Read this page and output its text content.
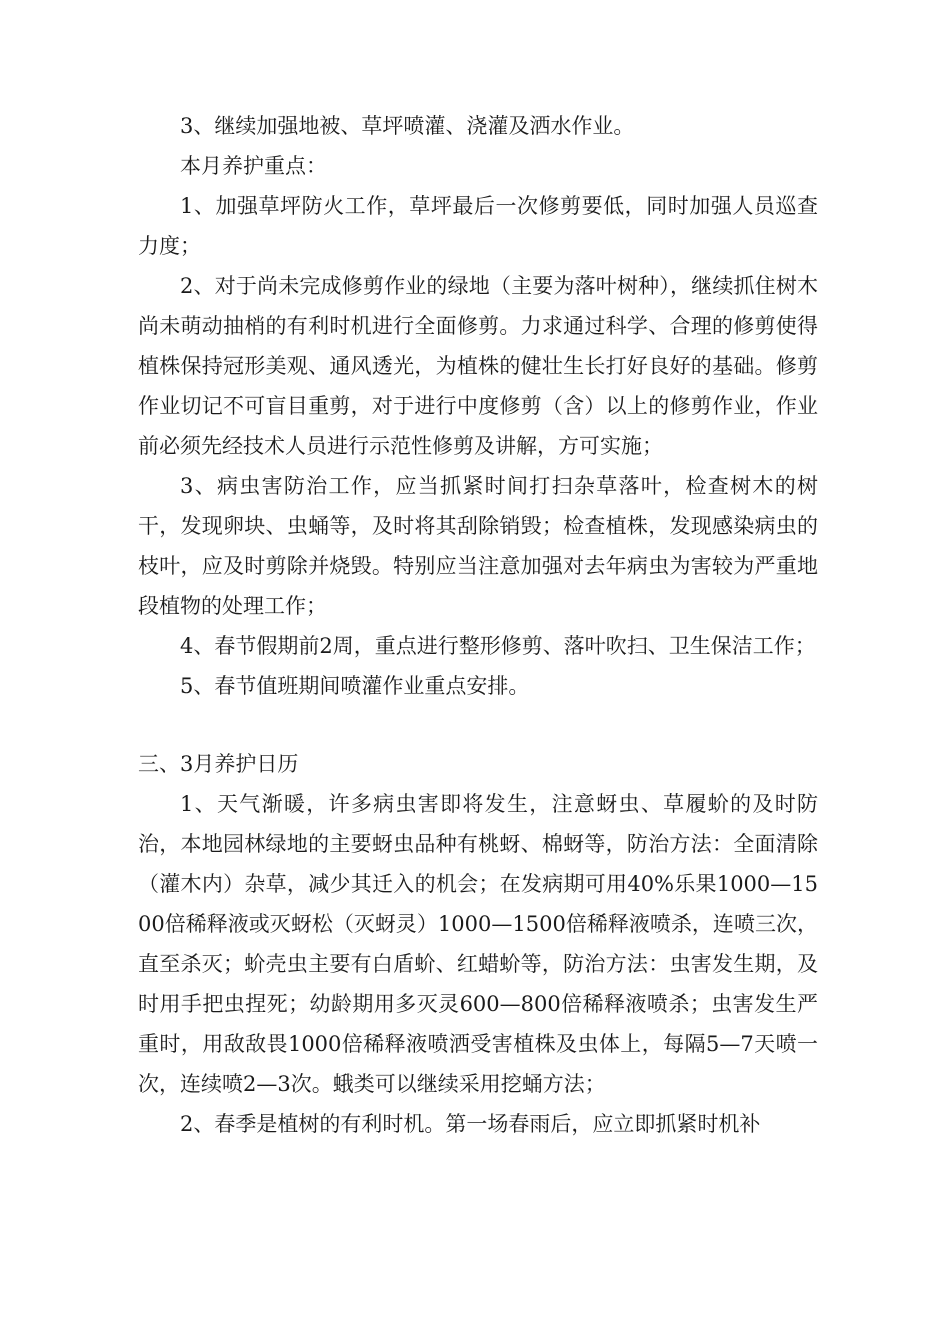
3、继续加强地被、草坪喷灌、浇灌及洒水作业。

本月养护重点：

1、加强草坪防火工作，草坪最后一次修剪要低，同时加强人员巡查力度；

2、对于尚未完成修剪作业的绿地（主要为落叶树种），继续抓住树木尚未萌动抽梢的有利时机进行全面修剪。力求通过科学、合理的修剪使得植株保持冠形美观、通风透光，为植株的健壮生长打好良好的基础。修剪作业切记不可盲目重剪，对于进行中度修剪（含）以上的修剪作业，作业前必须先经技术人员进行示范性修剪及讲解，方可实施；

3、病虫害防治工作，应当抓紧时间打扫杂草落叶，检查树木的树干，发现卵块、虫蛹等，及时将其刮除销毁；检查植株，发现感染病虫的枝叶，应及时剪除并烧毁。特别应当注意加强对去年病虫为害较为严重地段植物的处理工作；

4、春节假期前2周，重点进行整形修剪、落叶吹扫、卫生保洁工作；

5、春节值班期间喷灌作业重点安排。

三、3月养护日历

1、天气渐暖，许多病虫害即将发生，注意蚜虫、草履蚧的及时防治，本地园林绿地的主要蚜虫品种有桃蚜、棉蚜等，防治方法：全面清除（灌木内）杂草，减少其迁入的机会；在发病期可用40%乐果1000—1500倍稀释液或灭蚜松（灭蚜灵）1000—1500倍稀释液喷杀，连喷三次，直至杀灭；蚧壳虫主要有白盾蚧、红蜡蚧等，防治方法：虫害发生期，及时用手把虫捏死；幼龄期用多灭灵600—800倍稀释液喷杀；虫害发生严重时，用敌敌畏1000倍稀释液喷洒受害植株及虫体上，每隔5—7天喷一次，连续喷2—3次。蛾类可以继续采用挖蛹方法；

2、春季是植树的有利时机。第一场春雨后，应立即抓紧时机补
